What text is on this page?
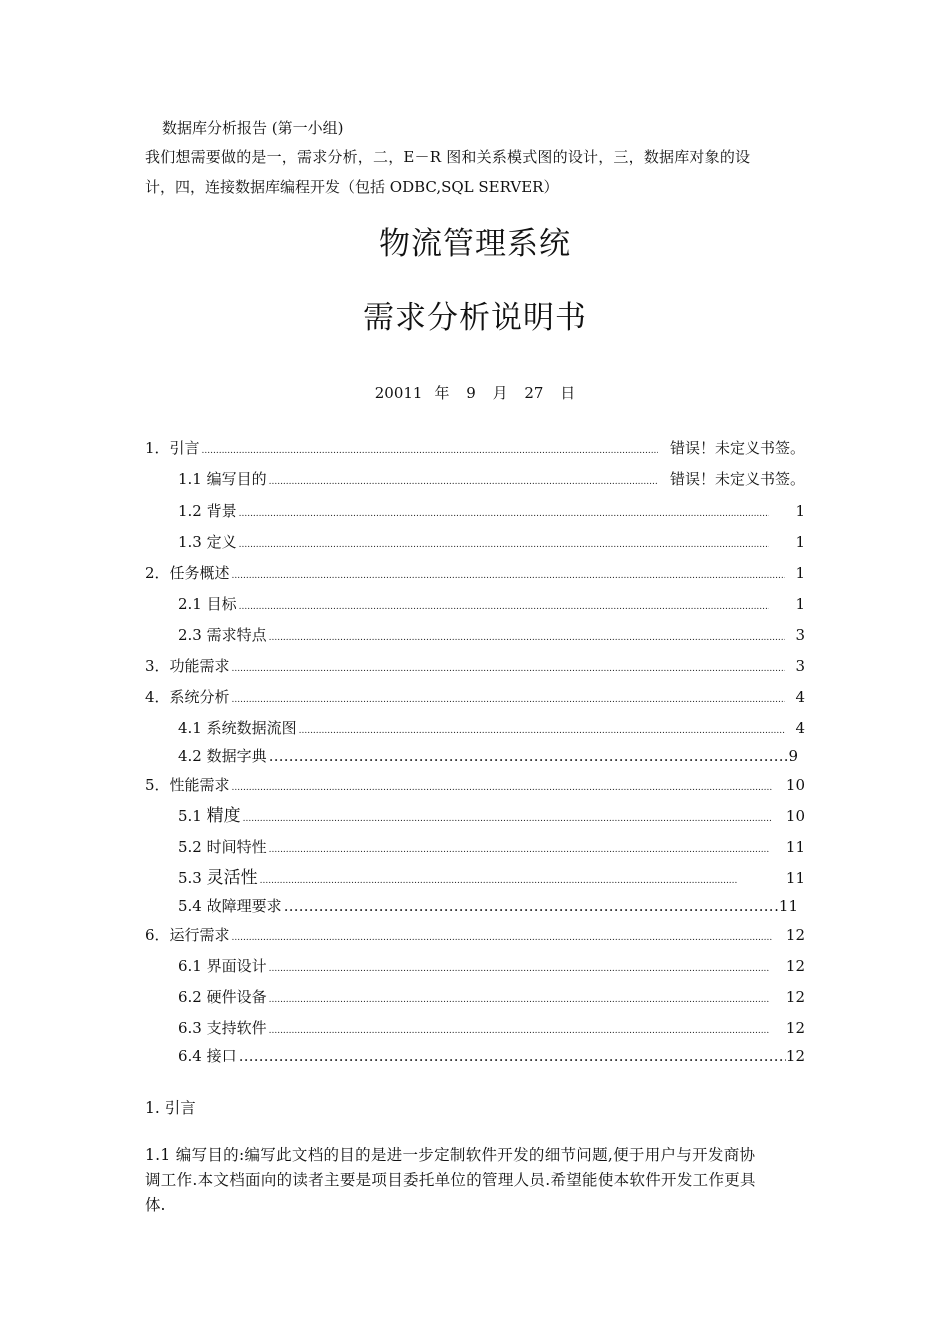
数据库分析报告 (第一小组)
我们想需要做的是一，需求分析，二，E－R 图和关系模式图的设计，三，数据库对象的设
计，四，连接数据库编程开发（包括 ODBC,SQL SERVER）
物流管理系统
需求分析说明书
20011 年 9 月 27 日
1．引言 .....	错误！未定义书签。
1.1 编写目的 .....	错误！未定义书签。
1.2 背景 .....	1
1.3 定义 .....	1
2．任务概述 .....	1
2.1 目标 .....	1
2.3 需求特点 .....	3
3．功能需求 .....	3
4．系统分析 .....	4
4.1 系统数据流图 .....	4
4.2 数据字典 …………………………………………………………………………………………………………………………………………………………	9
5．性能需求 .....	10
5.1 精度 .....	10
5.2 时间特性 .....	11
5.3 灵活性 .....	11
5.4 故障理要求 …………………………………………………………………………………………………………………………………………………………	.11
6．运行需求 .....	12
6.1 界面设计 .....	12
6.2 硬件设备 .....	12
6.3 支持软件 .....	12
6.4 接口 …………………………………………………………………………………………………………………………………………………………	12
1. 引言
1.1 编写目的:编写此文档的目的是进一步定制软件开发的细节问题,便于用户与开发商协
调工作.本文档面向的读者主要是项目委托单位的管理人员.希望能使本软件开发工作更具
体.
